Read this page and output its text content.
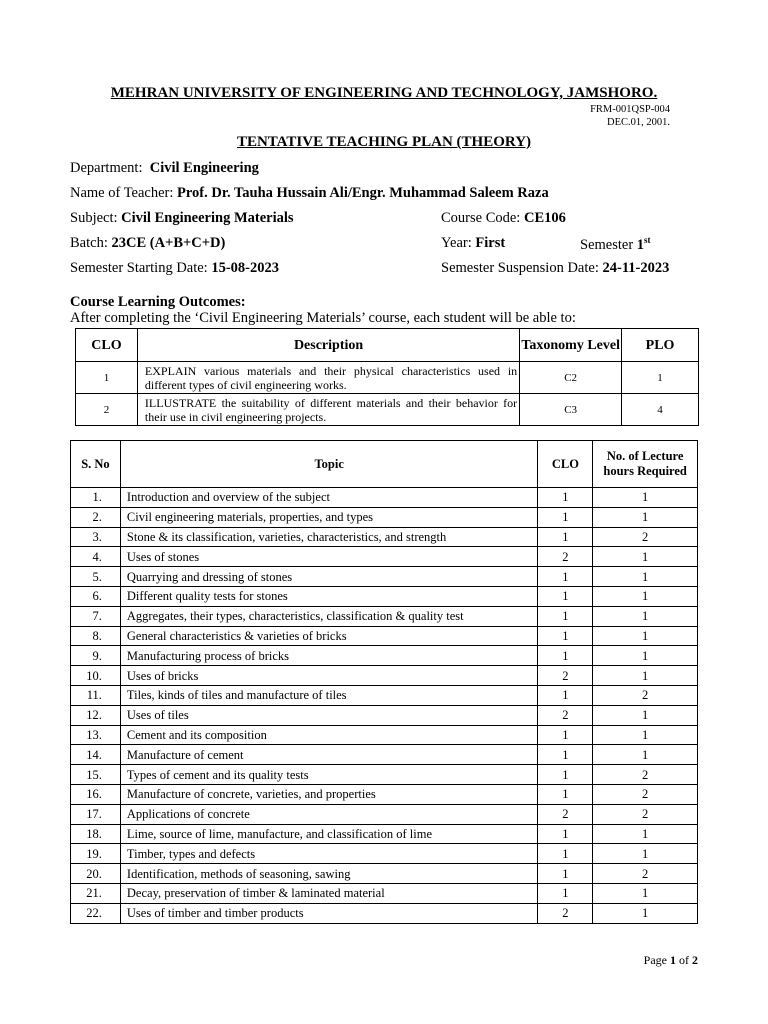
MEHRAN UNIVERSITY OF ENGINEERING AND TECHNOLOGY, JAMSHORO.
FRM-001QSP-004
DEC.01, 2001.
TENTATIVE TEACHING PLAN (THEORY)
Department: Civil Engineering
Name of Teacher: Prof. Dr. Tauha Hussain Ali/Engr. Muhammad Saleem Raza
Subject: Civil Engineering Materials	Course Code: CE106
Batch: 23CE (A+B+C+D)	Year: First	Semester 1st
Semester Starting Date: 15-08-2023	Semester Suspension Date: 24-11-2023
Course Learning Outcomes:
After completing the ‘Civil Engineering Materials’ course, each student will be able to:
CLO	Description	Taxonomy Level	PLO
1	EXPLAIN various materials and their physical characteristics used in different types of civil engineering works.	C2	1
2	ILLUSTRATE the suitability of different materials and their behavior for their use in civil engineering projects.	C3	4
S. No	Topic	CLO	No. of Lecture hours Required
1.	Introduction and overview of the subject	1	1
2.	Civil engineering materials, properties, and types	1	1
3.	Stone & its classification, varieties, characteristics, and strength	1	2
4.	Uses of stones	2	1
5.	Quarrying and dressing of stones	1	1
6.	Different quality tests for stones	1	1
7.	Aggregates, their types, characteristics, classification & quality test	1	1
8.	General characteristics & varieties of bricks	1	1
9.	Manufacturing process of bricks	1	1
10.	Uses of bricks	2	1
11.	Tiles, kinds of tiles and manufacture of tiles	1	2
12.	Uses of tiles	2	1
13.	Cement and its composition	1	1
14.	Manufacture of cement	1	1
15.	Types of cement and its quality tests	1	2
16.	Manufacture of concrete, varieties, and properties	1	2
17.	Applications of concrete	2	2
18.	Lime, source of lime, manufacture, and classification of lime	1	1
19.	Timber, types and defects	1	1
20.	Identification, methods of seasoning, sawing	1	2
21.	Decay, preservation of timber & laminated material	1	1
22.	Uses of timber and timber products	2	1
Page 1 of 2
